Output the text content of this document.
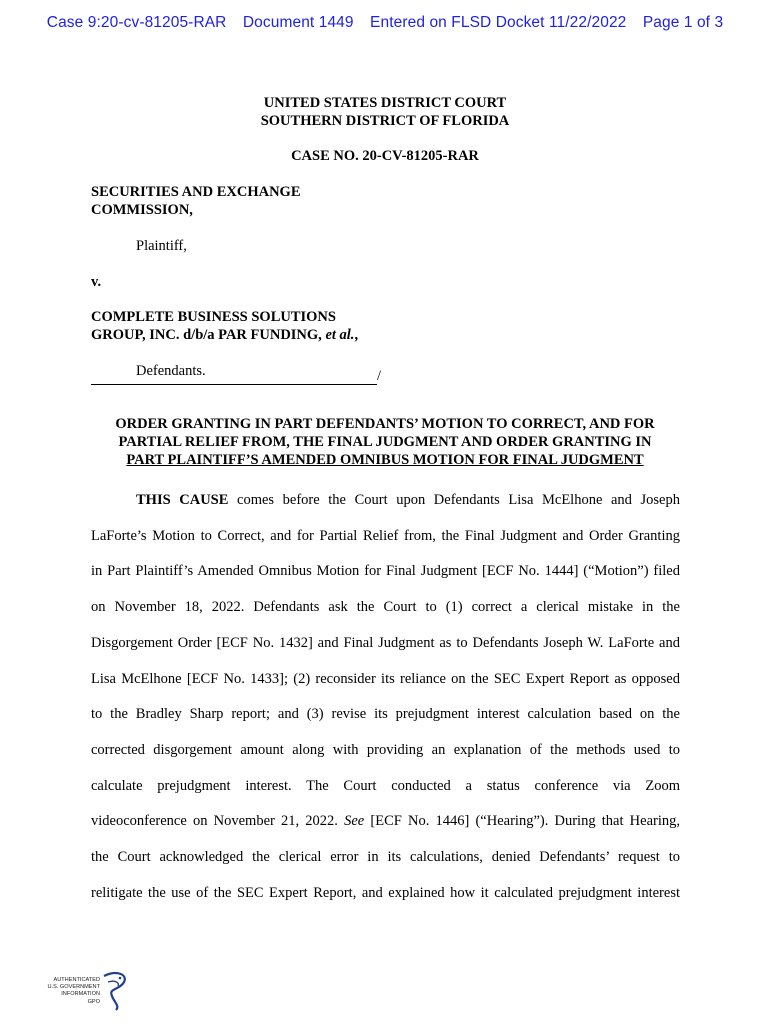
Case 9:20-cv-81205-RAR Document 1449 Entered on FLSD Docket 11/22/2022 Page 1 of 3
UNITED STATES DISTRICT COURT
SOUTHERN DISTRICT OF FLORIDA
CASE NO. 20-CV-81205-RAR
SECURITIES AND EXCHANGE
COMMISSION,
Plaintiff,
v.
COMPLETE BUSINESS SOLUTIONS
GROUP, INC. d/b/a PAR FUNDING, et al.,
Defendants.	/
ORDER GRANTING IN PART DEFENDANTS’ MOTION TO CORRECT, AND FOR
PARTIAL RELIEF FROM, THE FINAL JUDGMENT AND ORDER GRANTING IN
PART PLAINTIFF’S AMENDED OMNIBUS MOTION FOR FINAL JUDGMENT

THIS CAUSE comes before the Court upon Defendants Lisa McElhone and Joseph

LaForte’s Motion to Correct, and for Partial Relief from, the Final Judgment and Order Granting

in Part Plaintiff’s Amended Omnibus Motion for Final Judgment [ECF No. 1444] (“Motion”) filed

on November 18, 2022. Defendants ask the Court to (1) correct a clerical mistake in the

Disgorgement Order [ECF No. 1432] and Final Judgment as to Defendants Joseph W. LaForte and

Lisa McElhone [ECF No. 1433]; (2) reconsider its reliance on the SEC Expert Report as opposed

to the Bradley Sharp report; and (3) revise its prejudgment interest calculation based on the

corrected disgorgement amount along with providing an explanation of the methods used to

calculate prejudgment interest. The Court conducted a status conference via Zoom

videoconference on November 21, 2022. See [ECF No. 1446] (“Hearing”). During that Hearing,

the Court acknowledged the clerical error in its calculations, denied Defendants’ request to

relitigate the use of the SEC Expert Report, and explained how it calculated prejudgment interest

AUTHENTICATED
U.S. GOVERNMENT
INFORMATION
GPO
